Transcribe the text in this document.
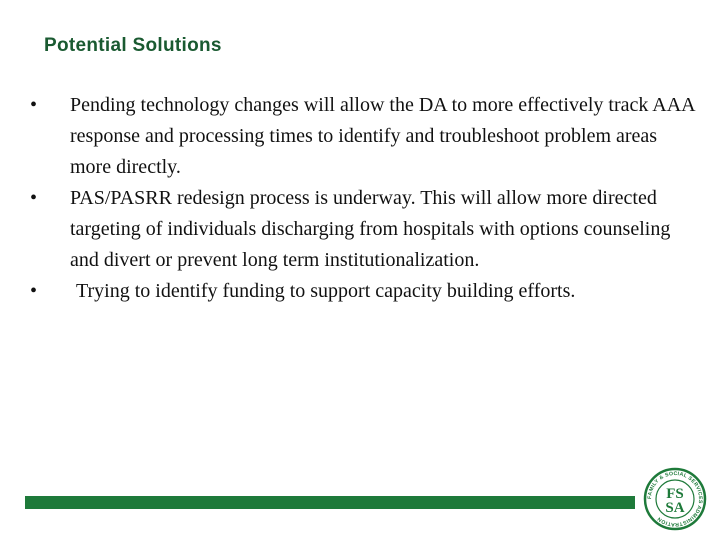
Potential Solutions
•	Pending technology changes will allow the DA to more effectively track AAA response and processing times to identify and troubleshoot problem areas more directly.
•	PAS/PASRR redesign process is underway. This will allow more directed targeting of individuals discharging from hospitals with options counseling and divert or prevent long term institutionalization.
•	Trying to identify funding to support capacity building efforts.
FAMILY & SOCIAL SERVICES ADMINISTRATION
FS
SA
